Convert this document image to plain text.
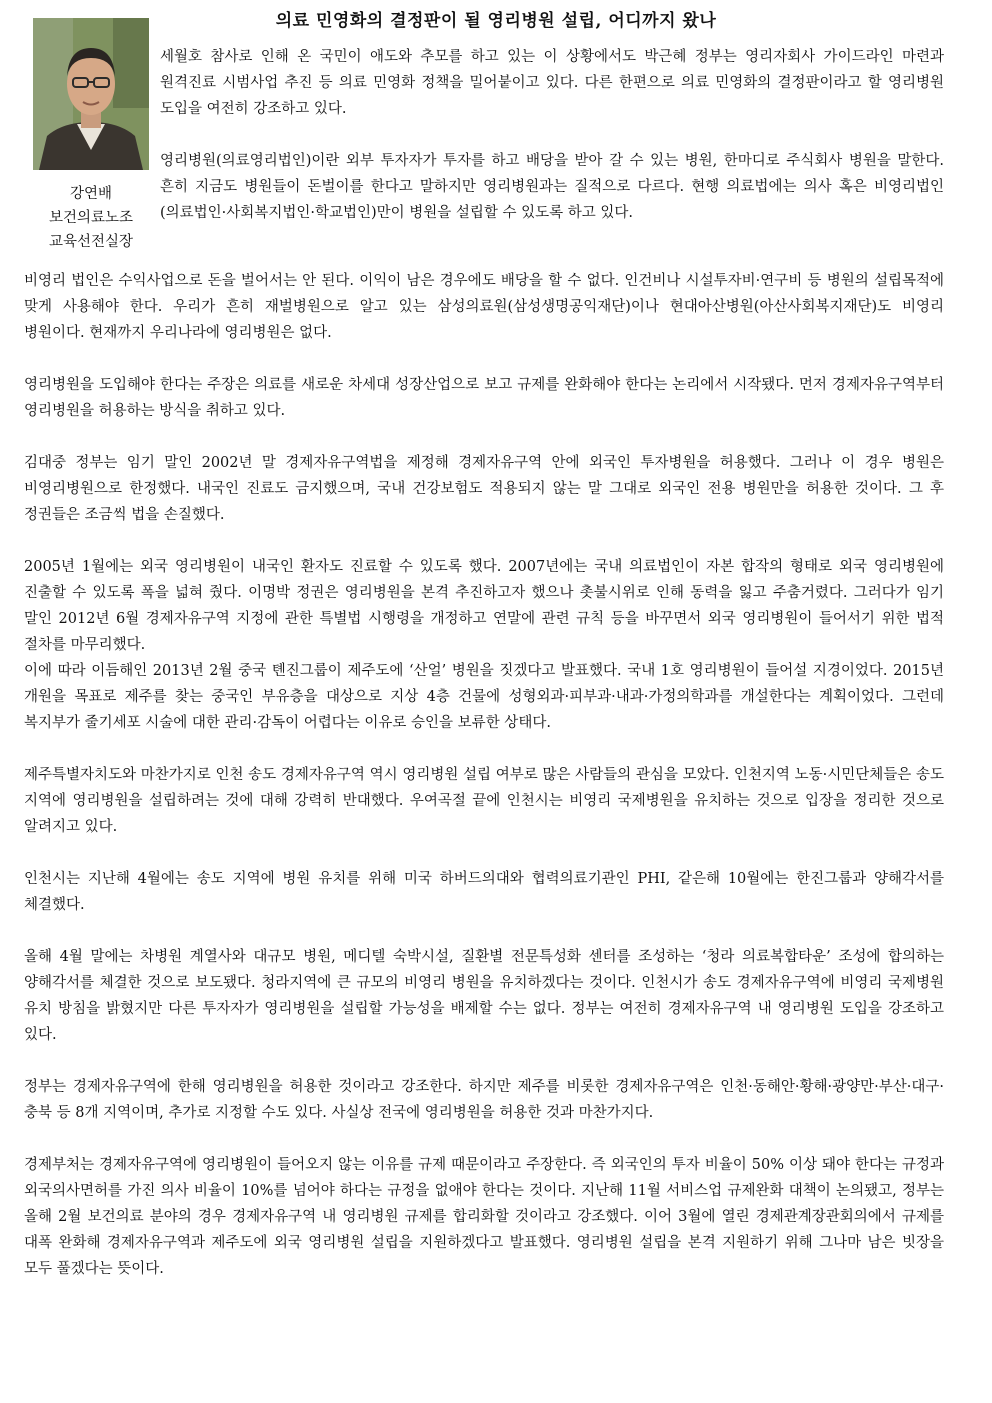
의료 민영화의 결정판이 될 영리병원 설립, 어디까지 왔나
강연배
보건의료노조
교육선전실장

세월호 참사로 인해 온 국민이 애도와 추모를 하고 있는 이 상황에서도 박근혜 정부는 영리자회사 가이드라인 마련과 원격진료 시범사업 추진 등 의료 민영화 정책을 밀어붙이고 있다. 다른 한편으로 의료 민영화의 결정판이라고 할 영리병원 도입을 여전히 강조하고 있다.

영리병원(의료영리법인)이란 외부 투자자가 투자를 하고 배당을 받아 갈 수 있는 병원, 한마디로 주식회사 병원을 말한다. 흔히 지금도 병원들이 돈벌이를 한다고 말하지만 영리병원과는 질적으로 다르다. 현행 의료법에는 의사 혹은 비영리법인(의료법인·사회복지법인·학교법인)만이 병원을 설립할 수 있도록 하고 있다.

비영리 법인은 수익사업으로 돈을 벌어서는 안 된다. 이익이 남은 경우에도 배당을 할 수 없다. 인건비나 시설투자비·연구비 등 병원의 설립목적에 맞게 사용해야 한다. 우리가 흔히 재벌병원으로 알고 있는 삼성의료원(삼성생명공익재단)이나 현대아산병원(아산사회복지재단)도 비영리 병원이다. 현재까지 우리나라에 영리병원은 없다.

영리병원을 도입해야 한다는 주장은 의료를 새로운 차세대 성장산업으로 보고 규제를 완화해야 한다는 논리에서 시작됐다. 먼저 경제자유구역부터 영리병원을 허용하는 방식을 취하고 있다.

김대중 정부는 임기 말인 2002년 말 경제자유구역법을 제정해 경제자유구역 안에 외국인 투자병원을 허용했다. 그러나 이 경우 병원은 비영리병원으로 한정했다. 내국인 진료도 금지했으며, 국내 건강보험도 적용되지 않는 말 그대로 외국인 전용 병원만을 허용한 것이다. 그 후 정권들은 조금씩 법을 손질했다.

2005년 1월에는 외국 영리병원이 내국인 환자도 진료할 수 있도록 했다. 2007년에는 국내 의료법인이 자본 합작의 형태로 외국 영리병원에 진출할 수 있도록 폭을 넓혀 줬다. 이명박 정권은 영리병원을 본격 추진하고자 했으나 촛불시위로 인해 동력을 잃고 주춤거렸다. 그러다가 임기 말인 2012년 6월 경제자유구역 지정에 관한 특별법 시행령을 개정하고 연말에 관련 규칙 등을 바꾸면서 외국 영리병원이 들어서기 위한 법적 절차를 마무리했다.

이에 따라 이듬해인 2013년 2월 중국 톈진그룹이 제주도에 ‘산얼’ 병원을 짓겠다고 발표했다. 국내 1호 영리병원이 들어설 지경이었다. 2015년 개원을 목표로 제주를 찾는 중국인 부유층을 대상으로 지상 4층 건물에 성형외과·피부과·내과·가정의학과를 개설한다는 계획이었다. 그런데 복지부가 줄기세포 시술에 대한 관리·감독이 어렵다는 이유로 승인을 보류한 상태다.

제주특별자치도와 마찬가지로 인천 송도 경제자유구역 역시 영리병원 설립 여부로 많은 사람들의 관심을 모았다. 인천지역 노동·시민단체들은 송도 지역에 영리병원을 설립하려는 것에 대해 강력히 반대했다. 우여곡절 끝에 인천시는 비영리 국제병원을 유치하는 것으로 입장을 정리한 것으로 알려지고 있다.

인천시는 지난해 4월에는 송도 지역에 병원 유치를 위해 미국 하버드의대와 협력의료기관인 PHI, 같은해 10월에는 한진그룹과 양해각서를 체결했다.

올해 4월 말에는 차병원 계열사와 대규모 병원, 메디텔 숙박시설, 질환별 전문특성화 센터를 조성하는 ‘청라 의료복합타운’ 조성에 합의하는 양해각서를 체결한 것으로 보도됐다. 청라지역에 큰 규모의 비영리 병원을 유치하겠다는 것이다. 인천시가 송도 경제자유구역에 비영리 국제병원 유치 방침을 밝혔지만 다른 투자자가 영리병원을 설립할 가능성을 배제할 수는 없다. 정부는 여전히 경제자유구역 내 영리병원 도입을 강조하고 있다.

정부는 경제자유구역에 한해 영리병원을 허용한 것이라고 강조한다. 하지만 제주를 비롯한 경제자유구역은 인천·동해안·황해·광양만·부산·대구·충북 등 8개 지역이며, 추가로 지정할 수도 있다. 사실상 전국에 영리병원을 허용한 것과 마찬가지다.

경제부처는 경제자유구역에 영리병원이 들어오지 않는 이유를 규제 때문이라고 주장한다. 즉 외국인의 투자 비율이 50% 이상 돼야 한다는 규정과 외국의사면허를 가진 의사 비율이 10%를 넘어야 하다는 규정을 없애야 한다는 것이다. 지난해 11월 서비스업 규제완화 대책이 논의됐고, 정부는 올해 2월 보건의료 분야의 경우 경제자유구역 내 영리병원 규제를 합리화할 것이라고 강조했다. 이어 3월에 열린 경제관계장관회의에서 규제를 대폭 완화해 경제자유구역과 제주도에 외국 영리병원 설립을 지원하겠다고 발표했다. 영리병원 설립을 본격 지원하기 위해 그나마 남은 빗장을 모두 풀겠다는 뜻이다.
